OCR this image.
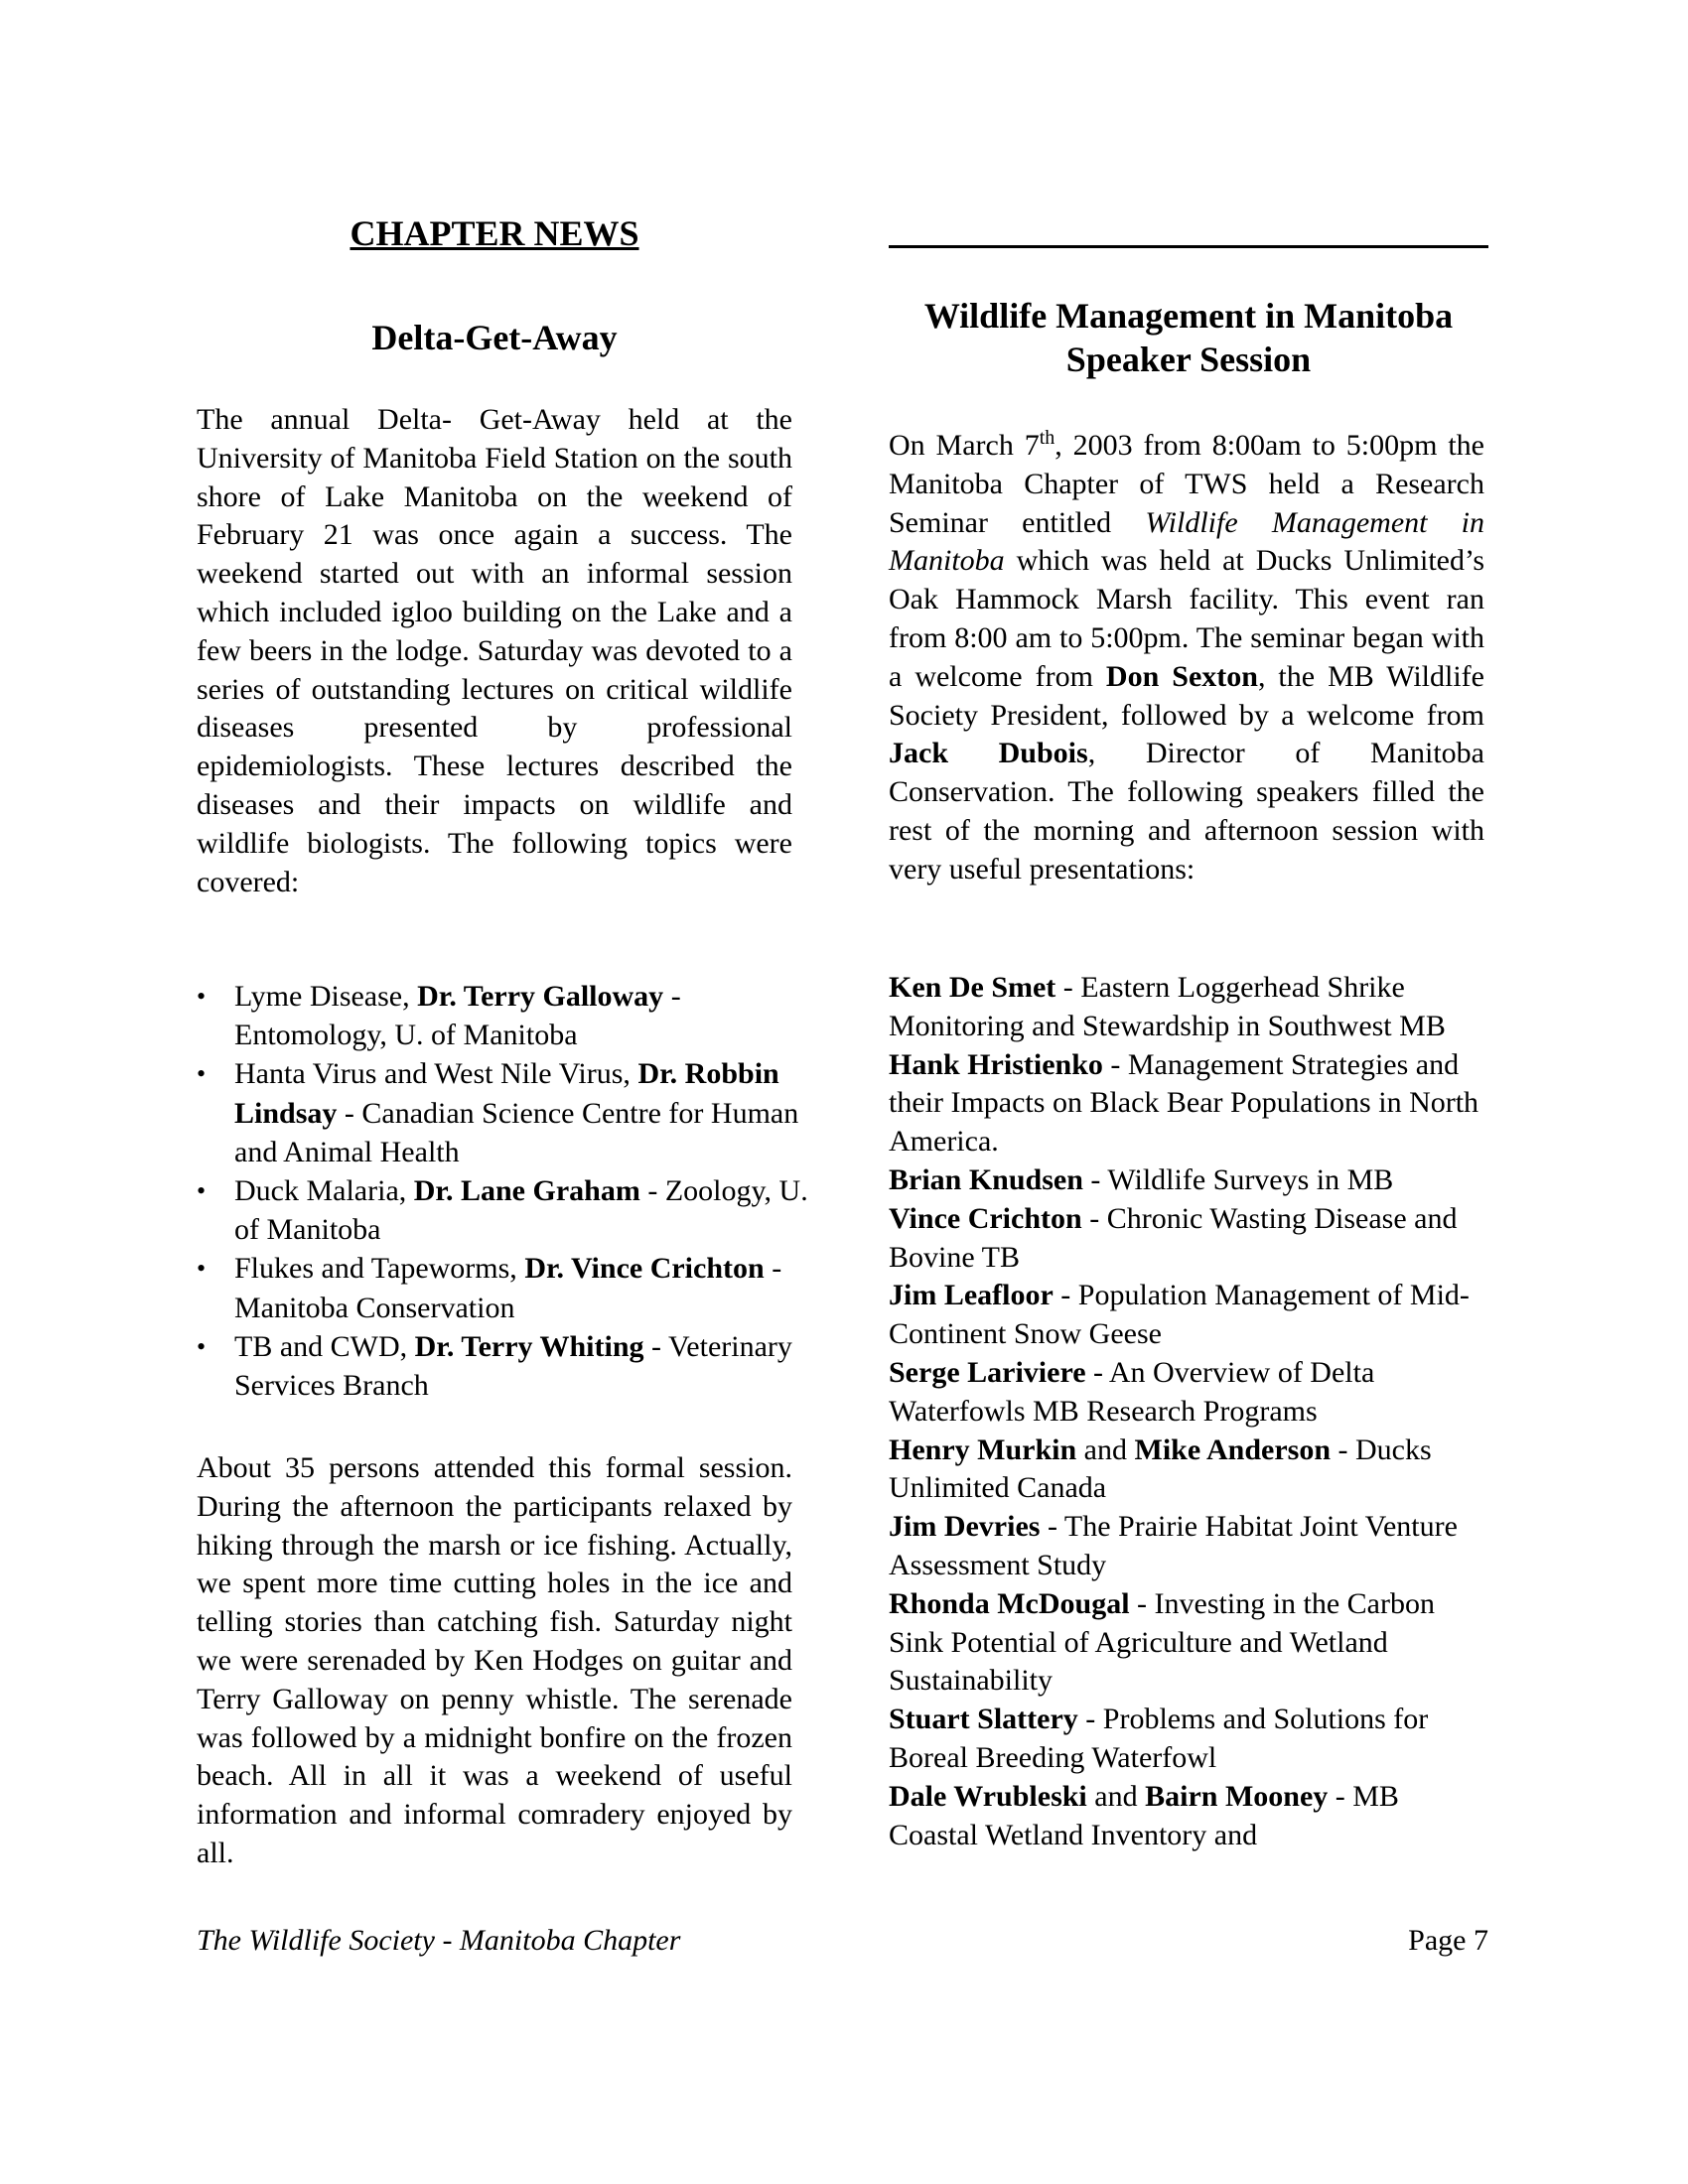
CHAPTER NEWS
Delta-Get-Away

The annual Delta- Get-Away held at the University of Manitoba Field Station on the south shore of Lake Manitoba on the weekend of February 21 was once again a success. The weekend started out with an informal session which included igloo building on the Lake and a few beers in the lodge. Saturday was devoted to a series of outstanding lectures on critical wildlife diseases presented by professional epidemiologists. These lectures described the diseases and their impacts on wildlife and wildlife biologists. The following topics were covered:

• Lyme Disease, Dr. Terry Galloway - Entomology, U. of Manitoba
• Hanta Virus and West Nile Virus, Dr. Robbin Lindsay - Canadian Science Centre for Human and Animal Health
• Duck Malaria, Dr. Lane Graham - Zoology, U. of Manitoba
• Flukes and Tapeworms, Dr. Vince Crichton - Manitoba Conservation
• TB and CWD, Dr. Terry Whiting - Veterinary Services Branch

About 35 persons attended this formal session. During the afternoon the participants relaxed by hiking through the marsh or ice fishing. Actually, we spent more time cutting holes in the ice and telling stories than catching fish. Saturday night we were serenaded by Ken Hodges on guitar and Terry Galloway on penny whistle. The serenade was followed by a midnight bonfire on the frozen beach. All in all it was a weekend of useful information and informal comradery enjoyed by all.

The Wildlife Society - Manitoba Chapter
Wildlife Management in Manitoba
Speaker Session

On March 7th, 2003 from 8:00am to 5:00pm the Manitoba Chapter of TWS held a Research Seminar entitled Wildlife Management in Manitoba which was held at Ducks Unlimited’s Oak Hammock Marsh facility. This event ran from 8:00 am to 5:00pm. The seminar began with a welcome from Don Sexton, the MB Wildlife Society President, followed by a welcome from Jack Dubois, Director of Manitoba Conservation. The following speakers filled the rest of the morning and afternoon session with very useful presentations:

Ken De Smet - Eastern Loggerhead Shrike Monitoring and Stewardship in Southwest MB

Hank Hristienko - Management Strategies and their Impacts on Black Bear Populations in North America.

Brian Knudsen - Wildlife Surveys in MB

Vince Crichton - Chronic Wasting Disease and Bovine TB

Jim Leafloor - Population Management of Mid-Continent Snow Geese

Serge Lariviere - An Overview of Delta Waterfowls MB Research Programs

Henry Murkin and Mike Anderson - Ducks Unlimited Canada

Jim Devries - The Prairie Habitat Joint Venture Assessment Study

Rhonda McDougal - Investing in the Carbon Sink Potential of Agriculture and Wetland Sustainability

Stuart Slattery - Problems and Solutions for Boreal Breeding Waterfowl

Dale Wrubleski and Bairn Mooney - MB Coastal Wetland Inventory and

Page 7
